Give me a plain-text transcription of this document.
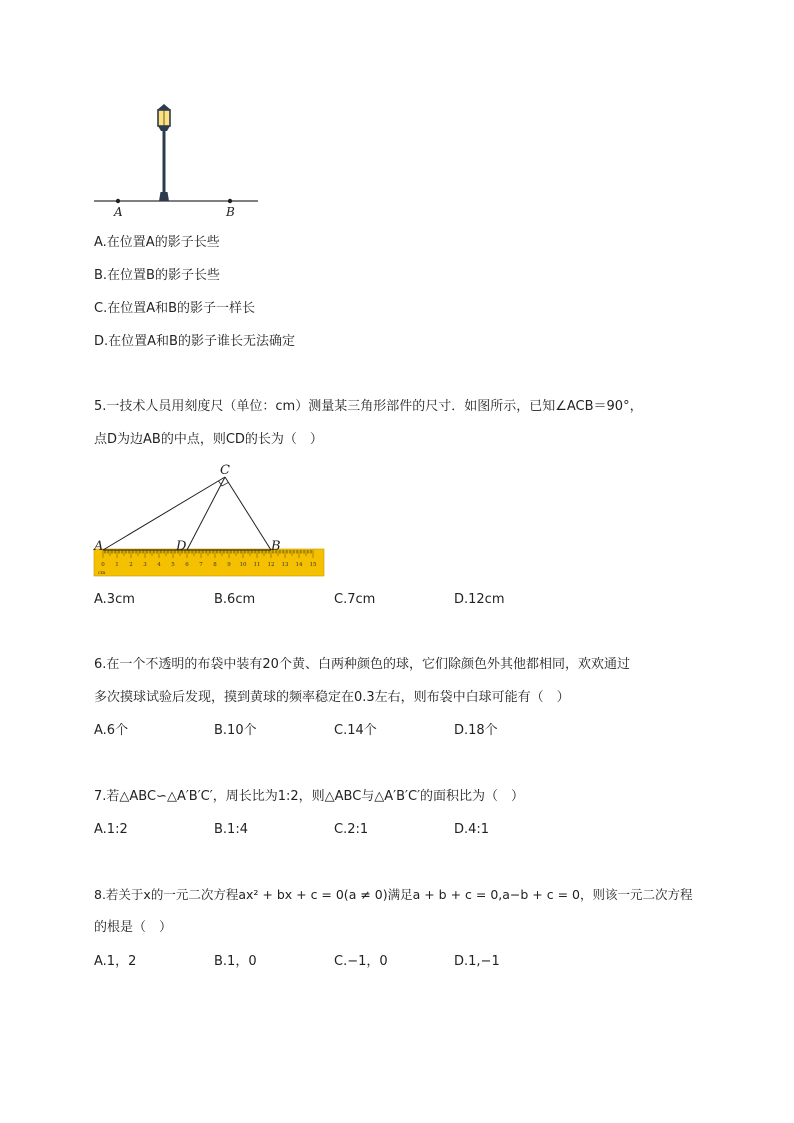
A	B
A.在位置A的影子长些
B.在位置B的影子长些
C.在位置A和B的影子一样长
D.在位置A和B的影子谁长无法确定
5.一技术人员用刻度尺（单位：cm）测量某三角形部件的尺寸．如图所示，已知∠ACB＝90°，
点D为边AB的中点，则CD的长为（　）
0 1 2 3 4 5 6 7 8 9 10 11 12 13 14 15
cm
A	B
C
D
A.3cm	B.6cm	C.7cm	D.12cm
6.在一个不透明的布袋中装有20个黄、白两种颜色的球，它们除颜色外其他都相同，欢欢通过
多次摸球试验后发现，摸到黄球的频率稳定在0.3左右，则布袋中白球可能有（　）
A.6个	B.10个	C.14个	D.18个
7.若△ABC∽△A′B′C′，周长比为1:2，则△ABC与△A′B′C′的面积比为（　）
A.1:2	B.1:4	C.2:1	D.4:1
8.若关于x的一元二次方程ax² + bx + c = 0(a ≠ 0)满足a + b + c = 0,a−b + c = 0，则该一元二次方程
的根是（　）
A.1，2	B.1，0	C.−1，0	D.1,−1
